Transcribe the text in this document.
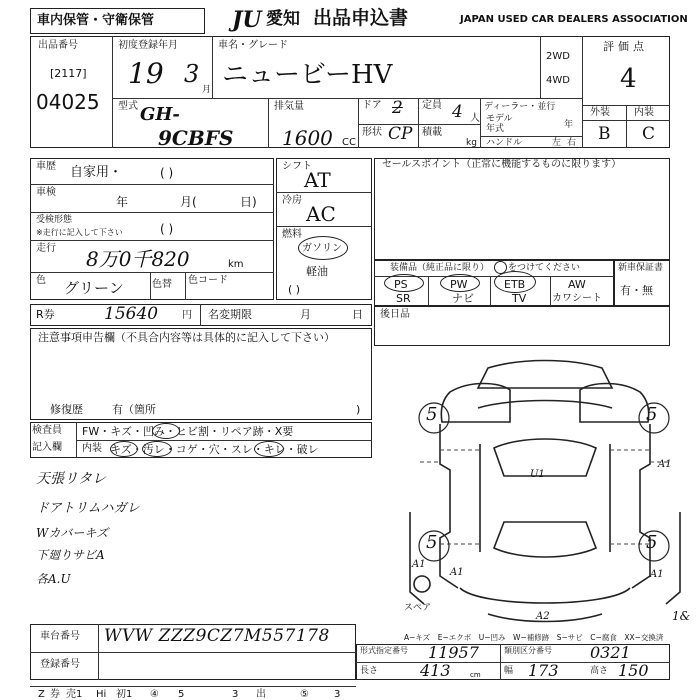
車内保管・守衛保管	JU 愛知 出品申込書	JAPAN USED CAR DEALERS ASSOCIATION
出品番号
[2117]
04025
初度登録年月
19 3
月
車名・グレード
ニュービーHV
2WD
4WD
評価点
4
外装 内装
B C
型式 GH-
9CBFS
排気量
1600 CC
ドア 2 定員 4 人
形状 CP 積載
kg
ディーラー・並行
モデル
年式	年
ハンドル	左右
車歴 自家用・	( )
車検
年	月(	日)
受検形態
※走行に記入して下さい	( )
走行 8万0千820	km
色 グリーン	色替 色コード
シフト
AT
冷房
AC
燃料
ガソリン
軽油
( )
セールスポイント（正常に機能するものに限ります）
装備品（純正品に限り） をつけてください
PS	PW	ETB	AW
SR	ナビ	TV	カワシート
新車保証書
有・無
R券	15640 円 名変期限	月	日 後日品
注意事項申告欄（不具合内容等は具体的に記入して下さい）
修復歴	有（箇所	)
検査員
記入欄
FW・キズ・凹み・ヒビ割・リペア跡・X要
内装 キズ・汚レ・コゲ・穴・スレ・キレ・破レ
天張リタレ
ドアトリムハガレ
Wカバーキズ
下廻りサビA
各A.U
5	5
5	5
A1
A1
A1
U1
A1
A2
スペア
A−キズ　E−エクボ　U−凹み　W−補修跡　S−サビ　C−腐食　XX−交換済
車台番号 WVW ZZZ9CZ7M557178
登録番号
形式指定番号 11957	類別区分番号 0321
長さ	413	cm	幅 173	高さ 150
Z 券 売1 Hi 初1 ④ 5	3 出	⑤	3
1&
